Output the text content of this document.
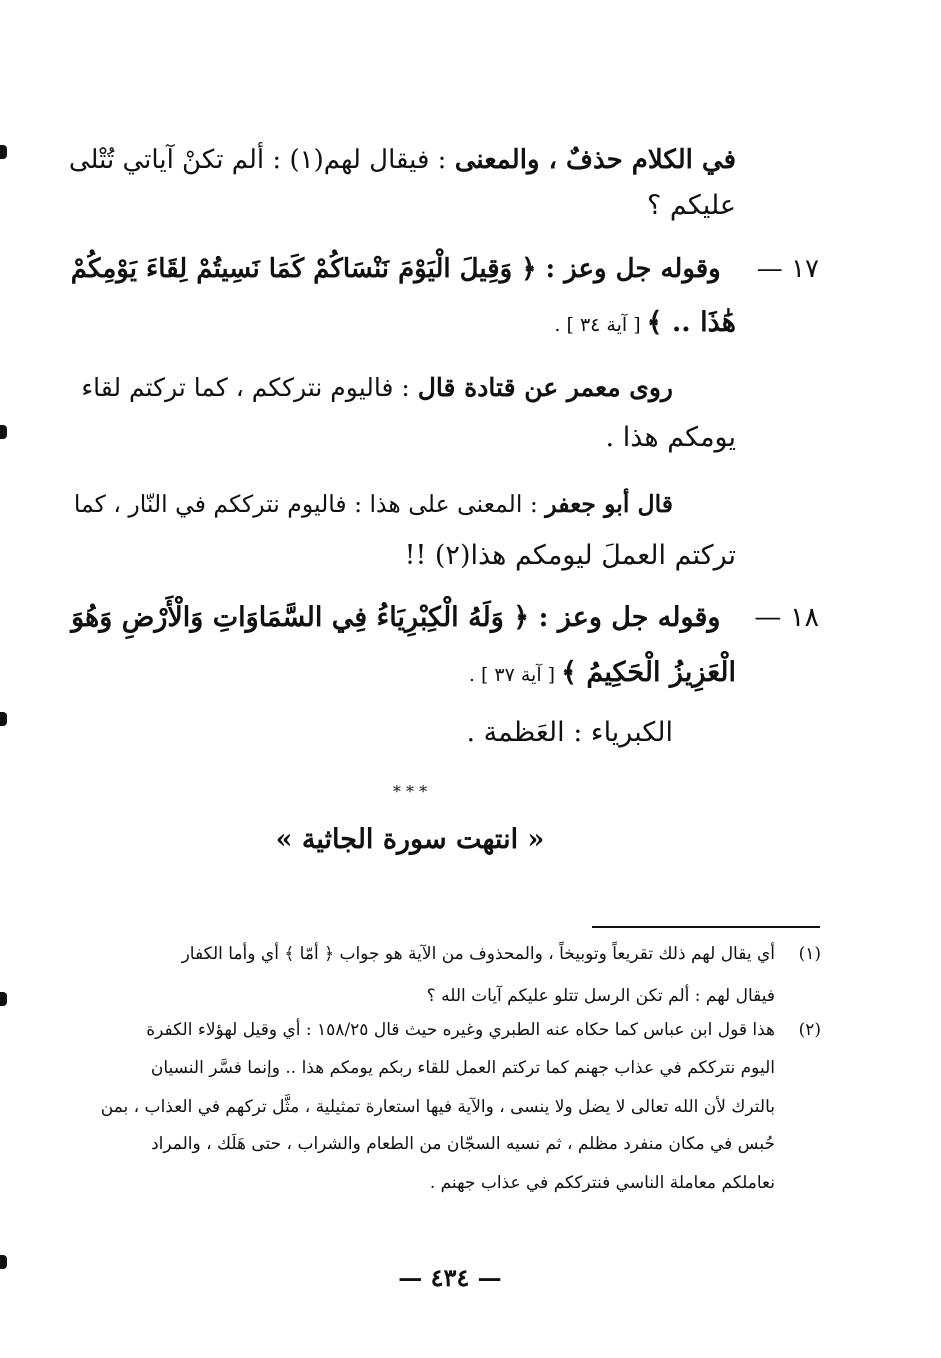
في الكلام حذفٌ ، والمعنى : فيقال لهم(١) : ألم تكنْ آياتي تُتْلى
عليكم ؟
١٧ — وقوله جل وعز : ﴿ وَقِيلَ الْيَوْمَ نَنْسَاكُمْ كَمَا نَسِيتُمْ لِقَاءَ يَوْمِكُمْ
هَٰذَا .. ﴾ [ آية ٣٤ ] .
روى معمر عن قتادة قال : فاليوم نترككم ، كما تركتم لقاء
يومكم هذا .
قال أبو جعفر : المعنى على هذا : فاليوم نترككم في النّار ، كما
تركتم العملَ ليومكم هذا(٢) !!
١٨ — وقوله جل وعز : ﴿ وَلَهُ الْكِبْرِيَاءُ فِي السَّمَاوَاتِ وَالْأَرْضِ وَهُوَ
الْعَزِيزُ الْحَكِيمُ ﴾ [ آية ٣٧ ] .
الكبرياء : العَظمة .
* * *
« انتهت سورة الجاثية »
(١)أي يقال لهم ذلك تقريعاً وتوبيخاً ، والمحذوف من الآية هو جواب ﴿ أمّا ﴾ أي وأما الكفار
فيقال لهم : ألم تكن الرسل تتلو عليكم آيات الله ؟
(٢)هذا قول ابن عباس كما حكاه عنه الطبري وغيره حيث قال ١٥٨/٢٥ : أي وقيل لهؤلاء الكفرة
اليوم نترككم في عذاب جهنم كما تركتم العمل للقاء ربكم يومكم هذا .. وإنما فسَّر النسيان
بالترك لأن الله تعالى لا يضل ولا ينسى ، والآية فيها استعارة تمثيلية ، مثَّل تركهم في العذاب ، بمن
حُبس في مكان منفرد مظلم ، ثم نسيه السجّان من الطعام والشراب ، حتى هَلَك ، والمراد
نعاملكم معاملة الناسي فنترككم في عذاب جهنم .
— ٤٣٤ —
